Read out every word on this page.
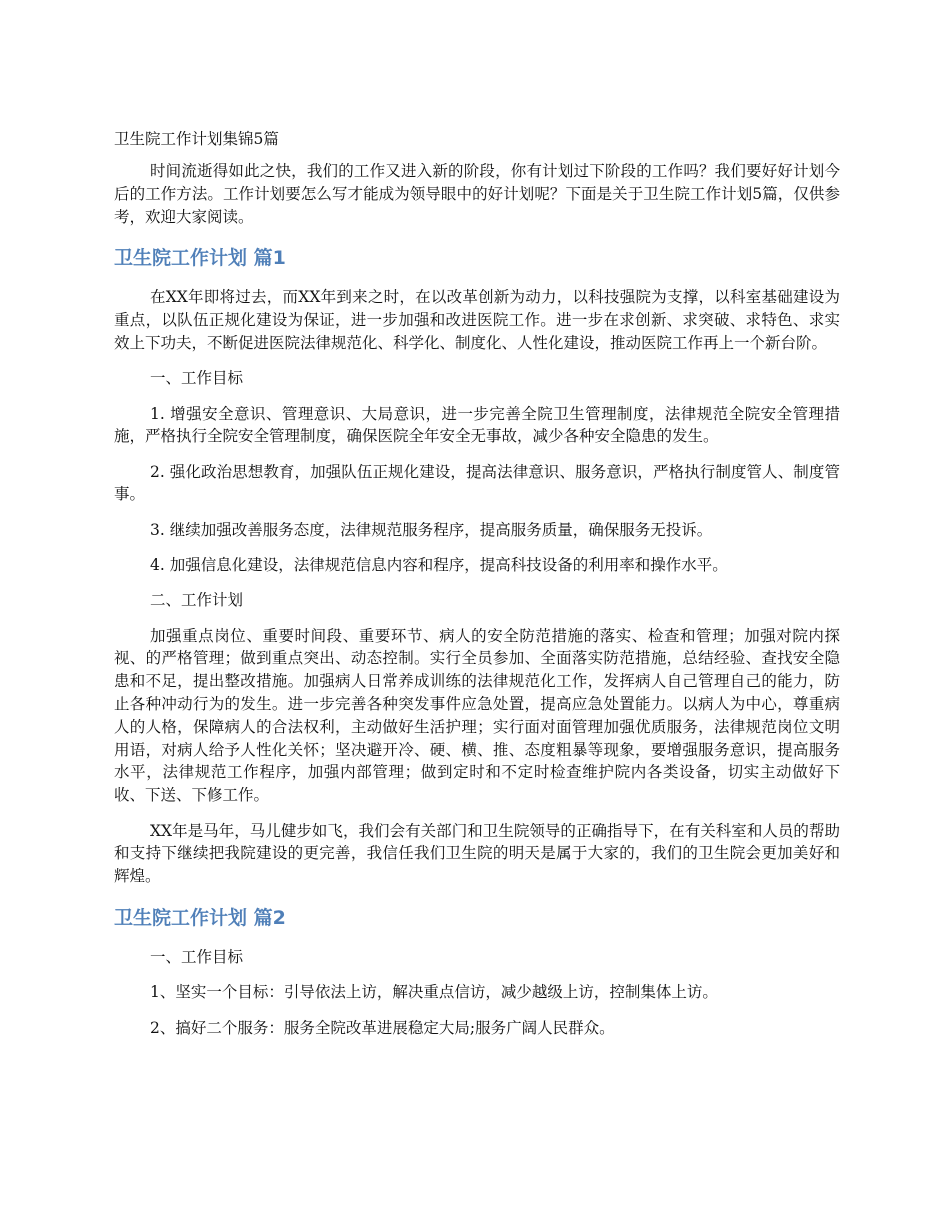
卫生院工作计划集锦5篇

时间流逝得如此之快，我们的工作又进入新的阶段，你有计划过下阶段的工作吗？我们要好好计划今后的工作方法。工作计划要怎么写才能成为领导眼中的好计划呢？下面是关于卫生院工作计划5篇，仅供参考，欢迎大家阅读。

卫生院工作计划 篇1

在XX年即将过去，而XX年到来之时，在以改革创新为动力，以科技强院为支撑，以科室基础建设为重点，以队伍正规化建设为保证，进一步加强和改进医院工作。进一步在求创新、求突破、求特色、求实效上下功夫，不断促进医院法律规范化、科学化、制度化、人性化建设，推动医院工作再上一个新台阶。

一、工作目标

1. 增强安全意识、管理意识、大局意识，进一步完善全院卫生管理制度，法律规范全院安全管理措施，严格执行全院安全管理制度，确保医院全年安全无事故，减少各种安全隐患的发生。

2. 强化政治思想教育，加强队伍正规化建设，提高法律意识、服务意识，严格执行制度管人、制度管事。

3. 继续加强改善服务态度，法律规范服务程序，提高服务质量，确保服务无投诉。

4. 加强信息化建设，法律规范信息内容和程序，提高科技设备的利用率和操作水平。

二、工作计划

加强重点岗位、重要时间段、重要环节、病人的安全防范措施的落实、检查和管理；加强对院内探视、的严格管理；做到重点突出、动态控制。实行全员参加、全面落实防范措施，总结经验、查找安全隐患和不足，提出整改措施。加强病人日常养成训练的法律规范化工作，发挥病人自己管理自己的能力，防止各种冲动行为的发生。进一步完善各种突发事件应急处置，提高应急处置能力。以病人为中心，尊重病人的人格，保障病人的合法权利，主动做好生活护理；实行面对面管理加强优质服务，法律规范岗位文明用语，对病人给予人性化关怀；坚决避开冷、硬、横、推、态度粗暴等现象，要增强服务意识，提高服务水平，法律规范工作程序，加强内部管理；做到定时和不定时检查维护院内各类设备，切实主动做好下收、下送、下修工作。

XX年是马年，马儿健步如飞，我们会有关部门和卫生院领导的正确指导下，在有关科室和人员的帮助和支持下继续把我院建设的更完善，我信任我们卫生院的明天是属于大家的，我们的卫生院会更加美好和辉煌。

卫生院工作计划 篇2

一、工作目标

1、坚实一个目标：引导依法上访，解决重点信访，减少越级上访，控制集体上访。

2、搞好二个服务：服务全院改革进展稳定大局;服务广阔人民群众。
